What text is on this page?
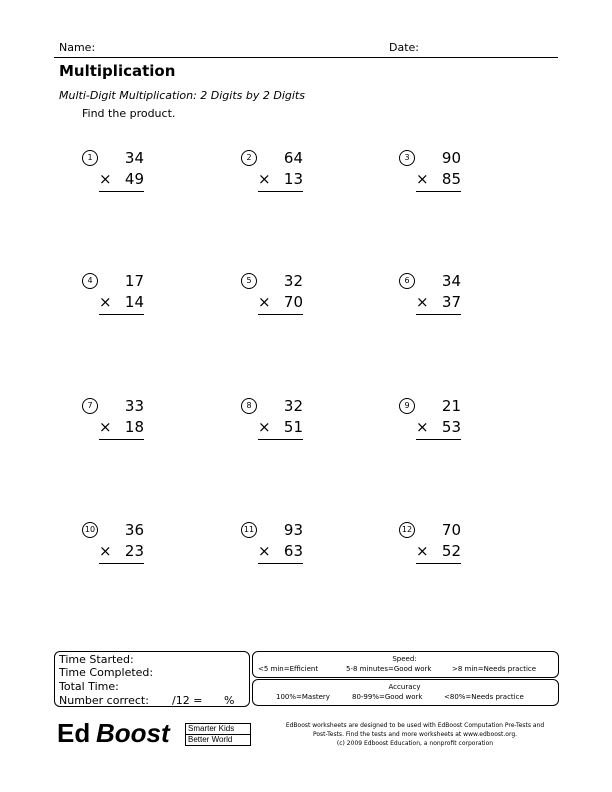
Name:	Date:
Multiplication
Multi-Digit Multiplication: 2 Digits by 2 Digits
Find the product.
1	34
× 49
2	64
× 13
3	90
× 85
4	17
× 14
5	32
× 70
6	34
× 37
7	33
× 18
8	32
× 51
9	21
× 53
10 36
× 23
11 93
× 63
12 70
× 52
Time Started:
Time Completed:
Total Time:
Number correct: /12 = %
Speed:
<5 min=Efficient	5-8 minutes=Good work	>8 min=Needs practice
Accuracy
100%=Mastery	80-99%=Good work	<80%=Needs practice
Ed Boost Smarter Kids
Better World
EdBoost worksheets are designed to be used with EdBoost Computation Pre-Tests and
Post-Tests. Find the tests and more worksheets at www.edboost.org.
(c) 2009 Edboost Education, a nonprofit corporation
